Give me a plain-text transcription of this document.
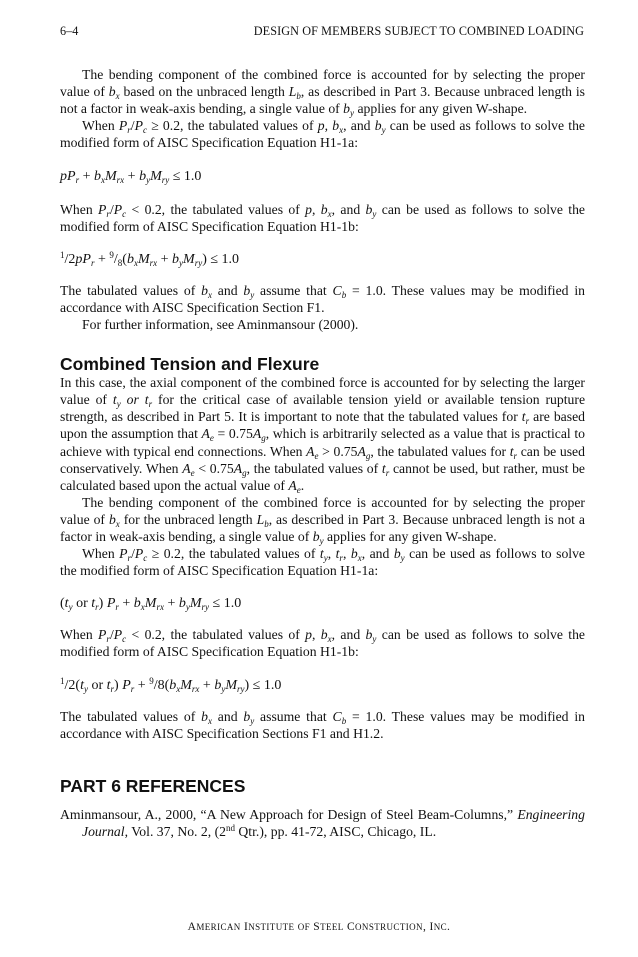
6–4	DESIGN OF MEMBERS SUBJECT TO COMBINED LOADING

The bending component of the combined force is accounted for by selecting the proper value of $b_x$ based on the unbraced length $L_b$, as described in Part 3. Because unbraced length is not a factor in weak-axis bending, a single value of $b_y$ applies for any given W-shape.

When $P_r/P_c \ge 0.2$, the tabulated values of p, $b_x$, and $b_y$ can be used as follows to solve the modified form of AISC Specification Equation H1-1a:

$pP_r + b_xM_{rx} + b_yM_{ry} \le 1.0$

When $P_r/P_c < 0.2$, the tabulated values of p, $b_x$, and $b_y$ can be used as follows to solve the modified form of AISC Specification Equation H1-1b:

$^1/2pP_r + ^9/_8(b_xM_{rx} + b_yM_{ry}) \le 1.0$

The tabulated values of $b_x$ and $b_y$ assume that $C_b = 1.0$. These values may be modified in accordance with AISC Specification Section F1.

For further information, see Aminmansour (2000).

Combined Tension and Flexure

In this case, the axial component of the combined force is accounted for by selecting the larger value of $t_y$ or $t_r$ for the critical case of available tension yield or available tension rupture strength, as described in Part 5. It is important to note that the tabulated values for $t_r$ are based upon the assumption that $A_e = 0.75A_g$, which is arbitrarily selected as a value that is practical to achieve with typical end connections. When $A_e > 0.75A_g$, the tabulated values for $t_r$ can be used conservatively. When $A_e < 0.75A_g$, the tabulated values of $t_r$ cannot be used, but rather, must be calculated based upon the actual value of $A_e$.

The bending component of the combined force is accounted for by selecting the proper value of $b_x$ for the unbraced length $L_b$, as described in Part 3. Because unbraced length is not a factor in weak-axis bending, a single value of $b_y$ applies for any given W-shape.

When $P_r/P_c \ge 0.2$, the tabulated values of $t_y$, $t_r$, $b_x$, and $b_y$ can be used as follows to solve the modified form of AISC Specification Equation H1-1a:

($t_y$ or $t_r$) $P_r + b_xM_{rx} + b_yM_{ry} \le 1.0$

When $P_r/P_c < 0.2$, the tabulated values of p, $b_x$, and $b_y$ can be used as follows to solve the modified form of AISC Specification Equation H1-1b:

$^1/2(t_y$ or $t_r$) $P_r + ^9/8(b_xM_{rx} + b_yM_{ry}) \le 1.0$

The tabulated values of $b_x$ and $b_y$ assume that $C_b = 1.0$. These values may be modified in accordance with AISC Specification Sections F1 and H1.2.

PART 6 REFERENCES

Aminmansour, A., 2000, “A New Approach for Design of Steel Beam-Columns,” Engineering Journal, Vol. 37, No. 2, (2nd Qtr.), pp. 41-72, AISC, Chicago, IL.

AMERICAN INSTITUTE OF STEEL CONSTRUCTION, INC.
